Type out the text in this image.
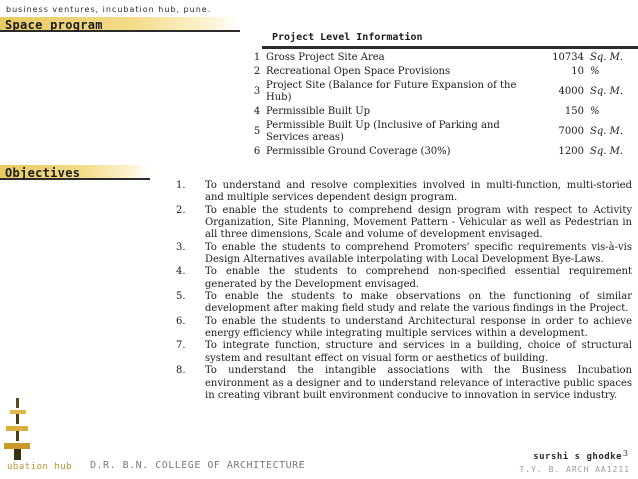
business ventures, incubation hub, pune.
Space program
Project Level Information
1	Gross Project Site Area	10734	Sq. M.
2	Recreational Open Space Provisions	10	%
3	Project Site (Balance for Future Expansion of the Hub)	4000	Sq. M.
4	Permissible Built Up	150	%
5	Permissible Built Up (Inclusive of Parking and Services areas)	7000	Sq. M.
6	Permissible Ground Coverage (30%)	1200	Sq. M.
Objectives
1. To understand and resolve complexities involved in multi-function, multi-storied and multiple services dependent design program.
2. To enable the students to comprehend design program with respect to Activity Organization, Site Planning, Movement Pattern - Vehicular as well as Pedestrian in all three dimensions, Scale and volume of development envisaged.
3. To enable the students to comprehend Promoters' specific requirements vis-à-vis Design Alternatives available interpolating with Local Development Bye-Laws.
4. To enable the students to comprehend non-specified essential requirement generated by the Development envisaged.
5. To enable the students to make observations on the functioning of similar development after making field study and relate the various findings in the Project.
6. To enable the students to understand Architectural response in order to achieve energy efficiency while integrating multiple services within a development.
7. To integrate function, structure and services in a building, choice of structural system and resultant effect on visual form or aesthetics of building.
8. To understand the intangible associations with the Business Incubation environment as a designer and to understand relevance of interactive public spaces in creating vibrant built environment conducive to innovation in service industry.
ubation hub D.R. B.N. COLLEGE OF ARCHITECTURE
3
surshi s ghodke
T.Y. B. ARCH AA1211
